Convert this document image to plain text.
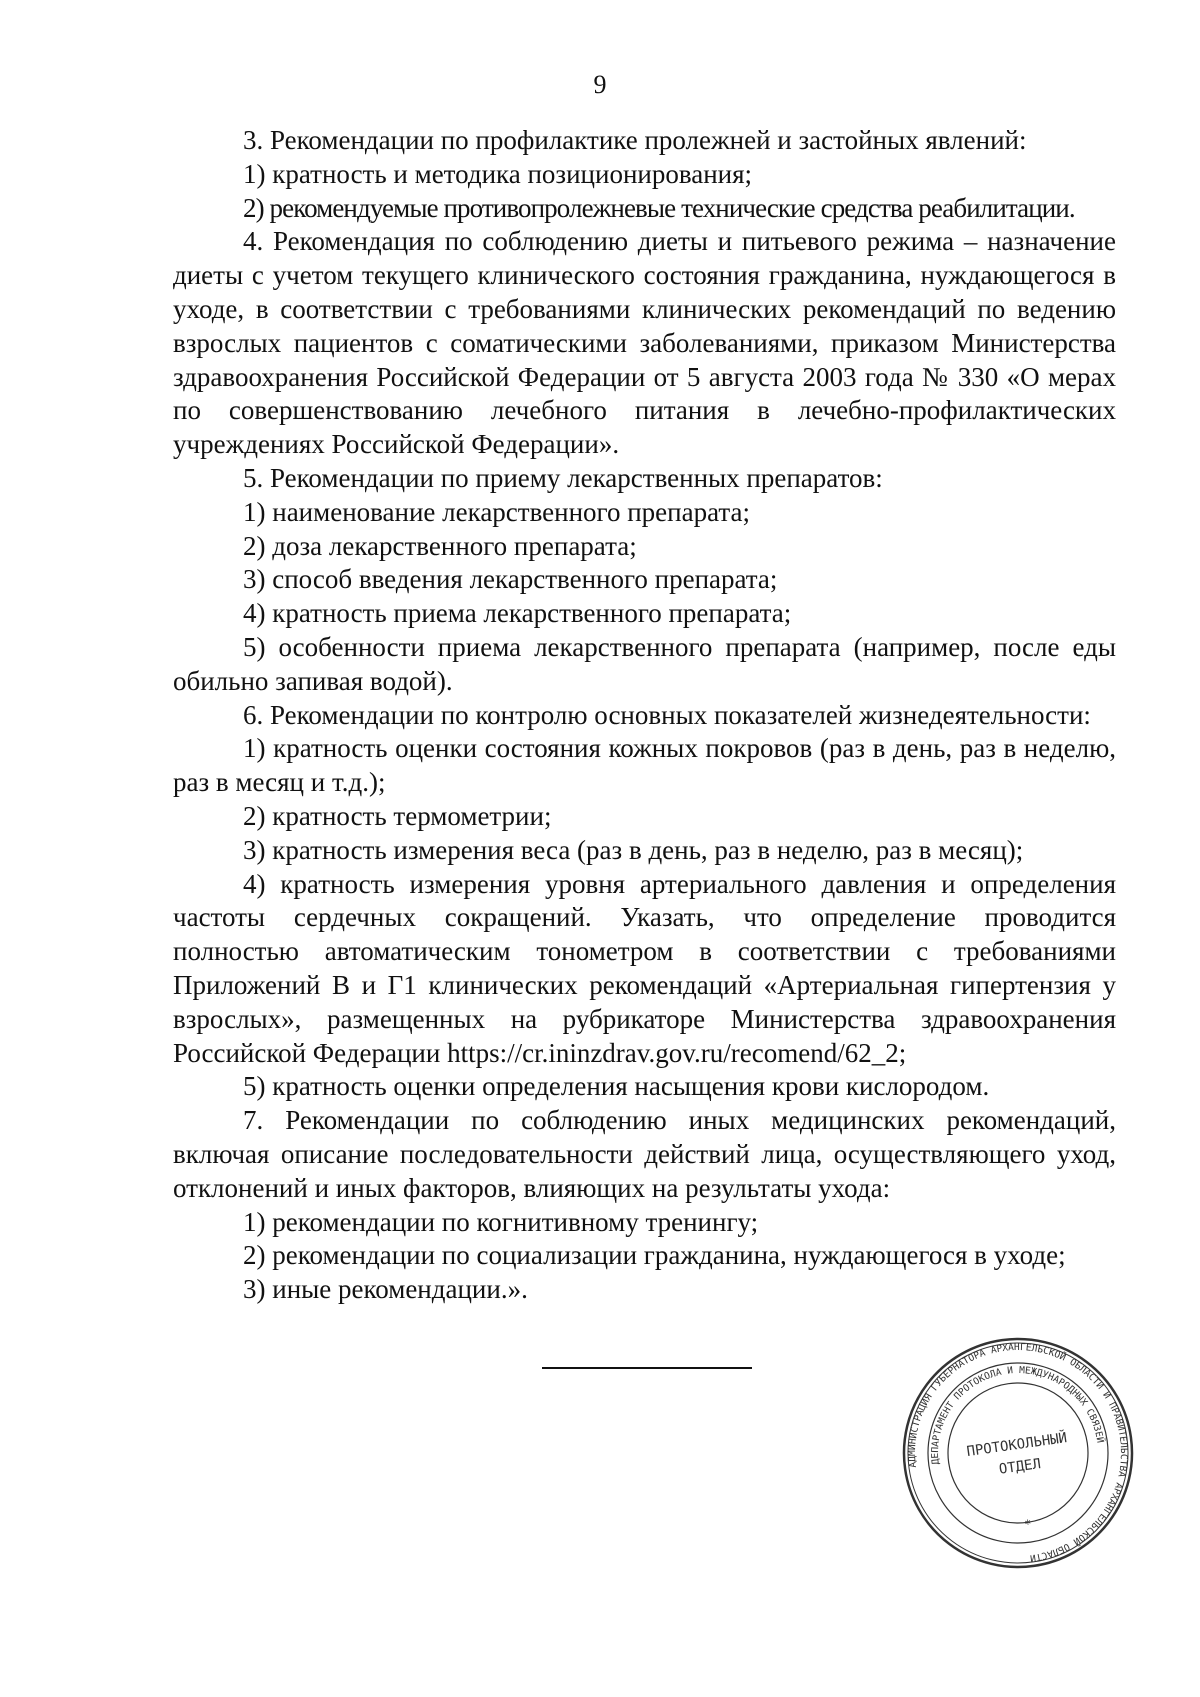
9

3. Рекомендации по профилактике пролежней и застойных явлений:

1) кратность и методика позиционирования;

2) рекомендуемые противопролежневые технические средства реабилитации.

4. Рекомендация по соблюдению диеты и питьевого режима – назначение диеты с учетом текущего клинического состояния гражданина, нуждающегося в уходе, в соответствии с требованиями клинических рекомендаций по ведению взрослых пациентов с соматическими заболеваниями, приказом Министерства здравоохранения Российской Федерации от 5 августа 2003 года № 330 «О мерах по совершенствованию лечебного питания в лечебно-профилактических учреждениях Российской Федерации».

5. Рекомендации по приему лекарственных препаратов:

1) наименование лекарственного препарата;

2) доза лекарственного препарата;

3) способ введения лекарственного препарата;

4) кратность приема лекарственного препарата;

5) особенности приема лекарственного препарата (например, после еды обильно запивая водой).

6. Рекомендации по контролю основных показателей жизнедеятельности:

1) кратность оценки состояния кожных покровов (раз в день, раз в неделю, раз в месяц и т.д.);

2) кратность термометрии;

3) кратность измерения веса (раз в день, раз в неделю, раз в месяц);

4) кратность измерения уровня артериального давления и определения частоты сердечных сокращений. Указать, что определение проводится полностью автоматическим тонометром в соответствии с требованиями Приложений В и Г1 клинических рекомендаций «Артериальная гипертензия у взрослых», размещенных на рубрикаторе Министерства здравоохранения Российской Федерации https://cr.ininzdrav.gov.ru/recomend/62_2;

5) кратность оценки определения насыщения крови кислородом.

7. Рекомендации по соблюдению иных медицинских рекомендаций, включая описание последовательности действий лица, осуществляющего уход, отклонений и иных факторов, влияющих на результаты ухода:

1) рекомендации по когнитивному тренингу;

2) рекомендации по социализации гражданина, нуждающегося в уходе;

3) иные рекомендации.».

АДМИНИСТРАЦИЯ ГУБЕРНАТОРА АРХАНГЕЛЬСКОЙ ОБЛАСТИ И ПРАВИТЕЛЬСТВА АРХАНГЕЛЬСКОЙ ОБЛАСТИ
ДЕПАРТАМЕНТ ПРОТОКОЛА И МЕЖДУНАРОДНЫХ СВЯЗЕЙ
ПРОТОКОЛЬНЫЙ
ОТДЕЛ
*
